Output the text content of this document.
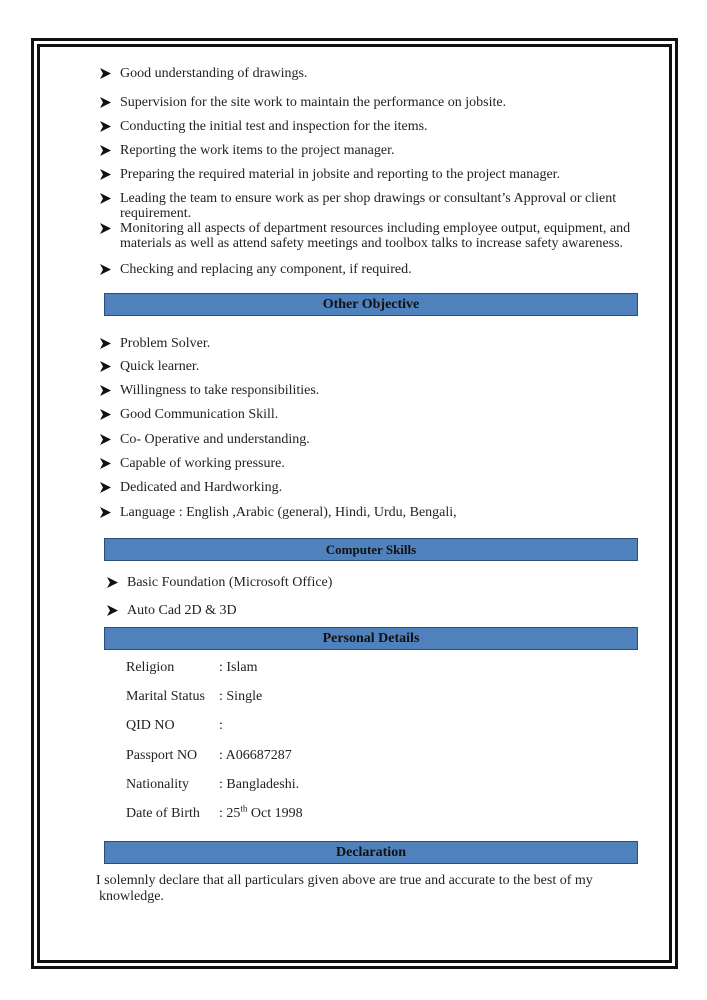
Good understanding of drawings.
Supervision for the site work to maintain the performance on jobsite.
Conducting the initial test and inspection for the items.
Reporting the work items to the project manager.
Preparing the required material in jobsite and reporting to the project manager.
Leading the team to ensure work as per shop drawings or consultant’s Approval or client requirement.
Monitoring all aspects of department resources including employee output, equipment, and materials as well as attend safety meetings and toolbox talks to increase safety awareness.
Checking and replacing any component, if required.
Other Objective
Problem Solver.
Quick learner.
Willingness to take responsibilities.
Good Communication Skill.
Co- Operative and understanding.
Capable of working pressure.
Dedicated and Hardworking.
Language : English ,Arabic (general), Hindi, Urdu, Bengali,
Computer Skills
Basic Foundation (Microsoft Office)
Auto Cad 2D & 3D
Personal Details
Religion	: Islam
Marital Status : Single
QID NO	:
Passport NO : A06687287
Nationality : Bangladeshi.
Date of Birth : 25th Oct 1998
Declaration
I solemnly declare that all particulars given above are true and accurate to the best of my
knowledge.
